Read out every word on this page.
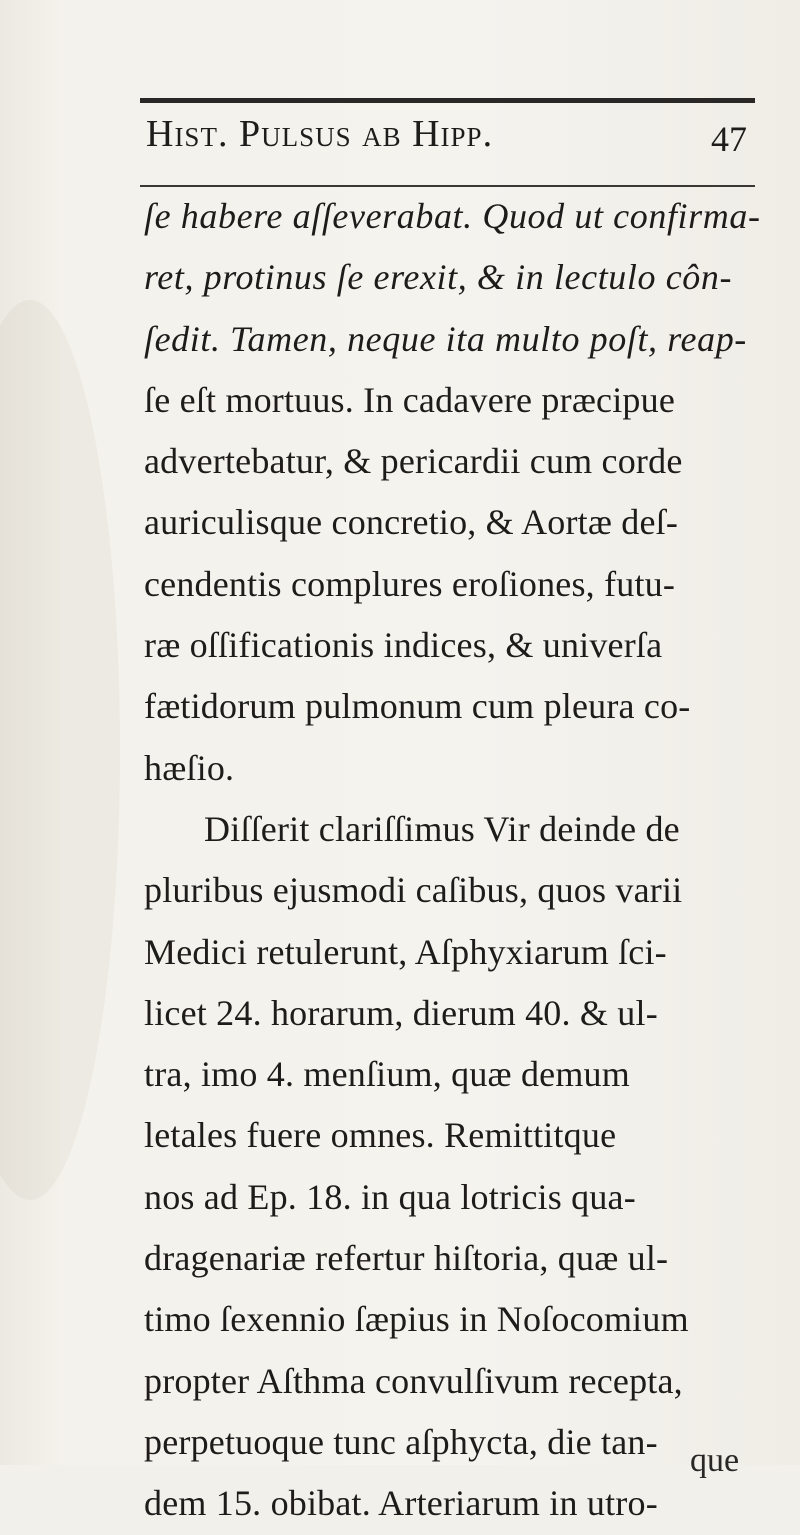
Hist. Pulsus ab Hipp.	47
ſe habere aſſeverabat. Quod ut confirma-
ret, protinus ſe erexit, & in lectulo côn-
ſedit. Tamen, neque ita multo poſt, reap-
ſe eſt mortuus. In cadavere præcipue
advertebatur, & pericardii cum corde
auriculisque concretio, & Aortæ deſ-
cendentis complures eroſiones, futu-
ræ oſſificationis indices, & univerſa
fætidorum pulmonum cum pleura co-
hæſio.
Diſſerit clariſſimus Vir deinde de
pluribus ejusmodi caſibus, quos varii
Medici retulerunt, Aſphyxiarum ſci-
licet 24. horarum, dierum 40. & ul-
tra, imo 4. menſium, quæ demum
letales fuere omnes. Remittitque
nos ad Ep. 18. in qua lotricis qua-
dragenariæ refertur hiſtoria, quæ ul-
timo ſexennio ſæpius in Noſocomium
propter Aſthma convulſivum recepta,
perpetuoque tunc aſphycta, die tan-
dem 15. obibat. Arteriarum in utro-
que
